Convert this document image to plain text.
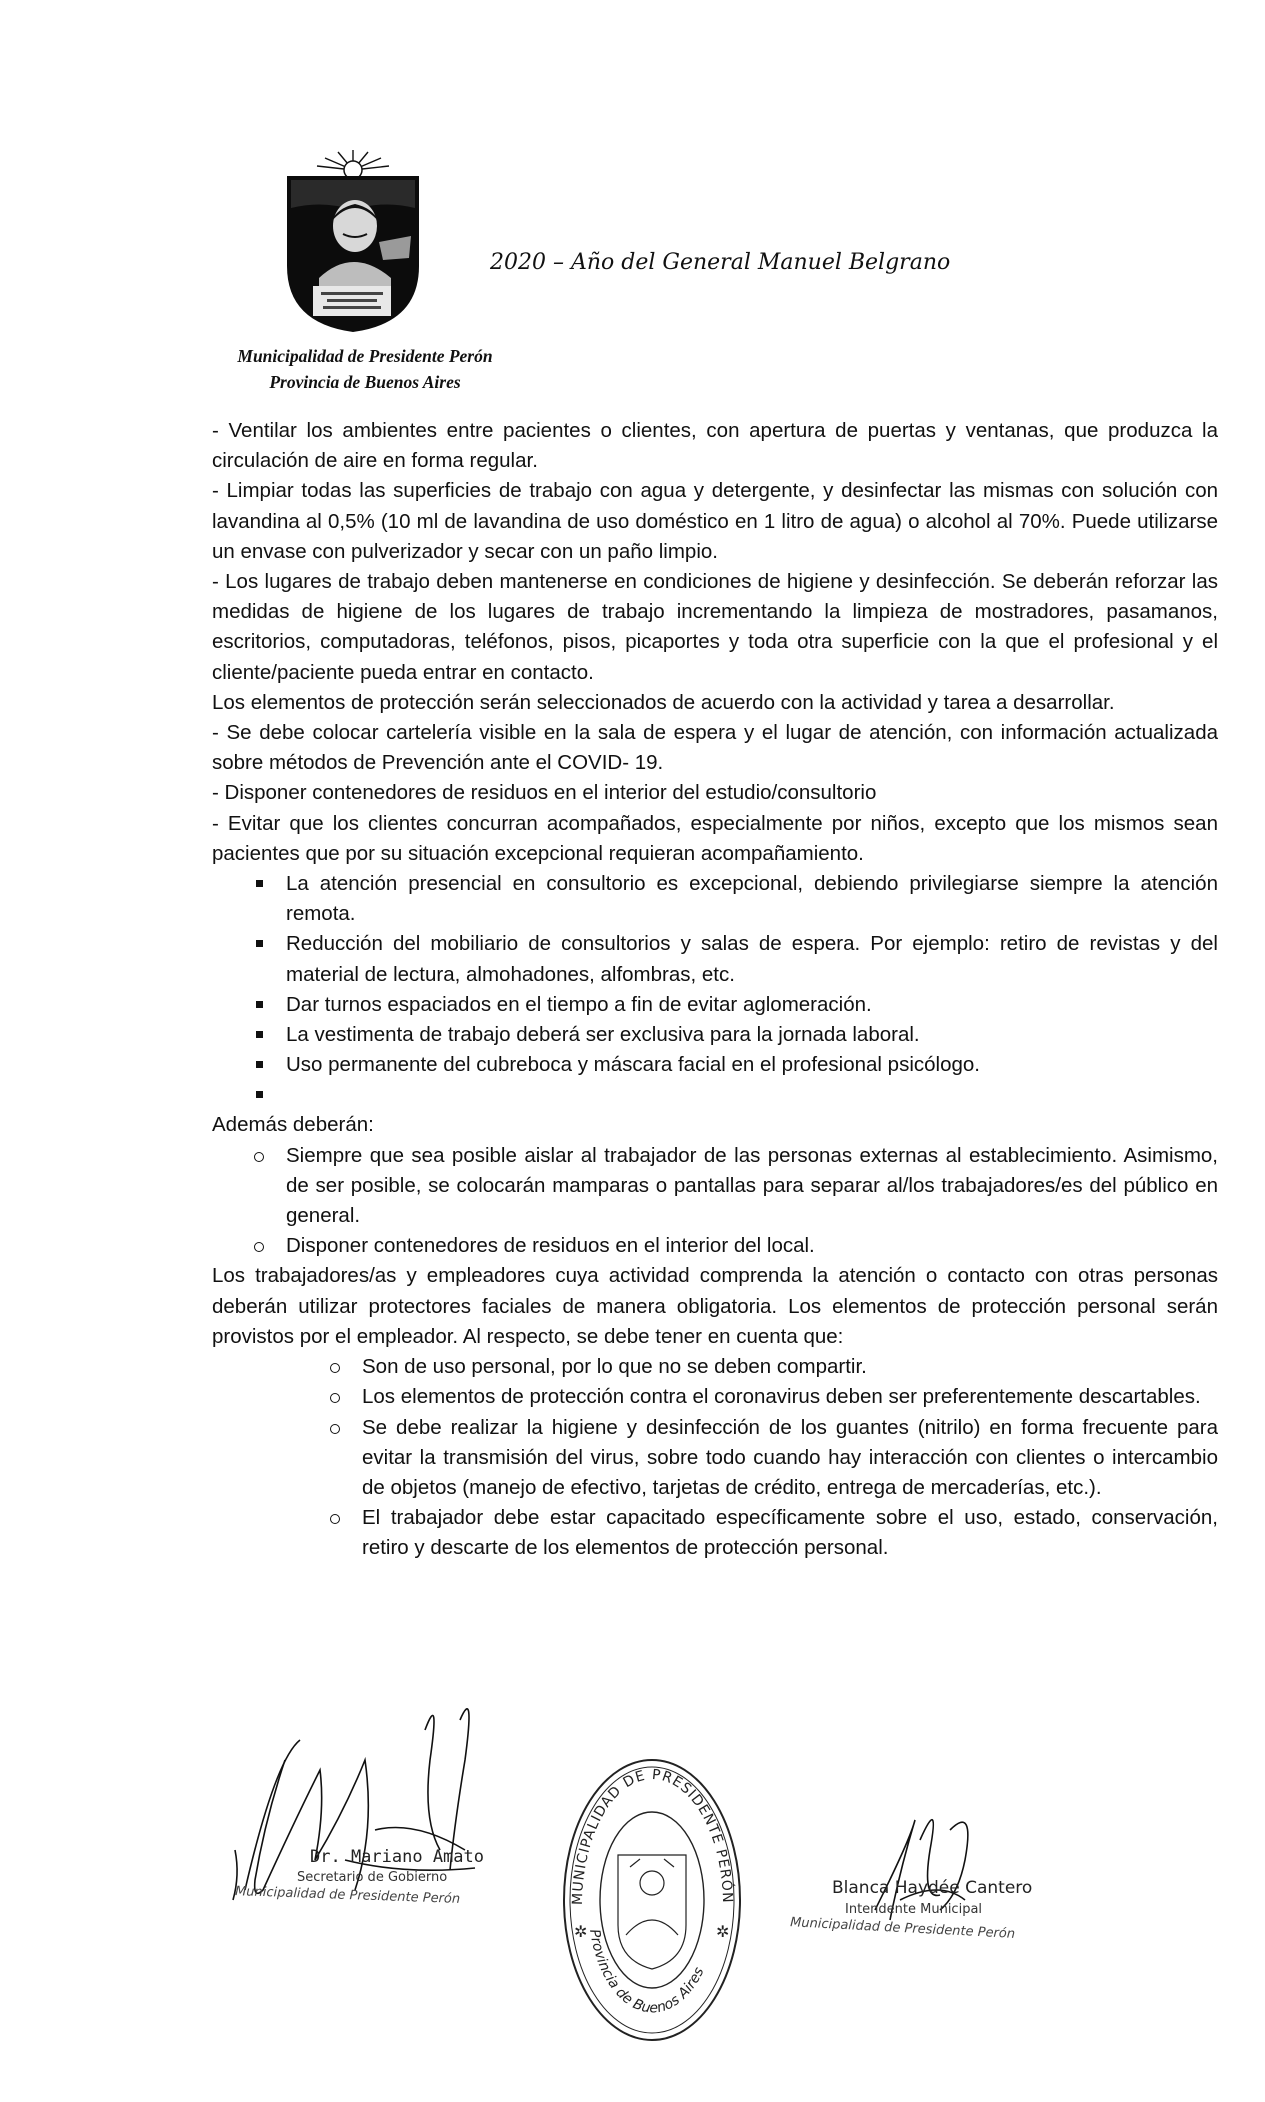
2020 – Año del General Manuel Belgrano
Municipalidad de Presidente Perón
Provincia de Buenos Aires

- Ventilar los ambientes entre pacientes o clientes, con apertura de puertas y ventanas, que produzca la circulación de aire en forma regular.

- Limpiar todas las superficies de trabajo con agua y detergente, y desinfectar las mismas con solución con lavandina al 0,5% (10 ml de lavandina de uso doméstico en 1 litro de agua) o alcohol al 70%. Puede utilizarse un envase con pulverizador y secar con un paño limpio.

- Los lugares de trabajo deben mantenerse en condiciones de higiene y desinfección. Se deberán reforzar las medidas de higiene de los lugares de trabajo incrementando la limpieza de mostradores, pasamanos, escritorios, computadoras, teléfonos, pisos, picaportes y toda otra superficie con la que el profesional y el cliente/paciente pueda entrar en contacto.

Los elementos de protección serán seleccionados de acuerdo con la actividad y tarea a desarrollar.

- Se debe colocar cartelería visible en la sala de espera y el lugar de atención, con información actualizada sobre métodos de Prevención ante el COVID- 19.

- Disponer contenedores de residuos en el interior del estudio/consultorio

- Evitar que los clientes concurran acompañados, especialmente por niños, excepto que los mismos sean pacientes que por su situación excepcional requieran acompañamiento.

La atención presencial en consultorio es excepcional, debiendo privilegiarse siempre la atención remota.
Reducción del mobiliario de consultorios y salas de espera. Por ejemplo: retiro de revistas y del material de lectura, almohadones, alfombras, etc.
Dar turnos espaciados en el tiempo a fin de evitar aglomeración.
La vestimenta de trabajo deberá ser exclusiva para la jornada laboral.
Uso permanente del cubreboca y máscara facial en el profesional psicólogo.

Además deberán:

Siempre que sea posible aislar al trabajador de las personas externas al establecimiento. Asimismo, de ser posible, se colocarán mamparas o pantallas para separar al/los trabajadores/es del público en general.
Disponer contenedores de residuos en el interior del local.

Los trabajadores/as y empleadores cuya actividad comprenda la atención o contacto con otras personas deberán utilizar protectores faciales de manera obligatoria. Los elementos de protección personal serán provistos por el empleador. Al respecto, se debe tener en cuenta que:

Son de uso personal, por lo que no se deben compartir.
Los elementos de protección contra el coronavirus deben ser preferentemente descartables.
Se debe realizar la higiene y desinfección de los guantes (nitrilo) en forma frecuente para evitar la transmisión del virus, sobre todo cuando hay interacción con clientes o intercambio de objetos (manejo de efectivo, tarjetas de crédito, entrega de mercaderías, etc.).
El trabajador debe estar capacitado específicamente sobre el uso, estado, conservación, retiro y descarte de los elementos de protección personal.
Dr. Mariano Amato
Secretario de Gobierno
Municipalidad de Presidente Perón	MUNICIPALIDAD DE PRESIDENTE PERÓN
Provincia de Buenos Aires
✲	✲
Blanca Haydée Cantero
Intendente Municipal
Municipalidad de Presidente Perón
